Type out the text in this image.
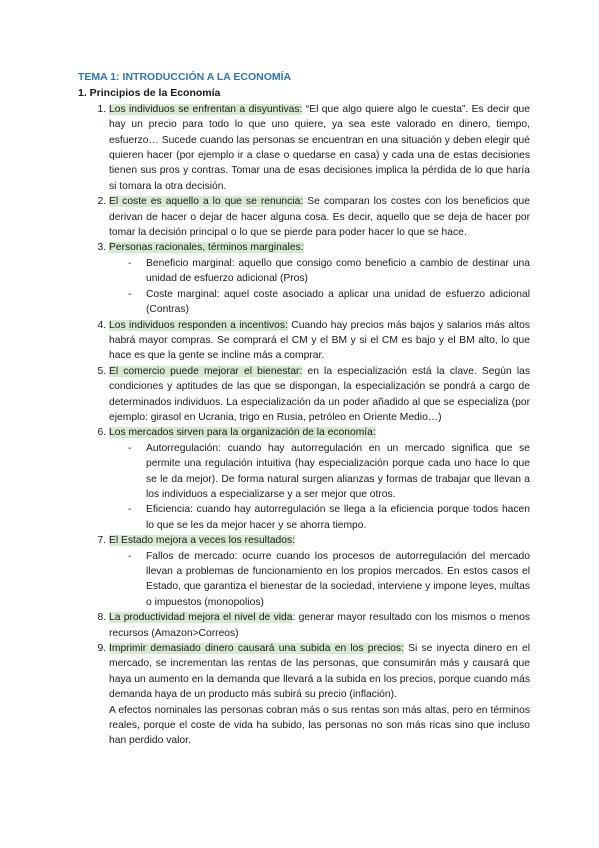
TEMA 1: INTRODUCCIÓN A LA ECONOMÍA
1. Principios de la Economía
1. Los individuos se enfrentan a disyuntivas: “El que algo quiere algo le cuesta”. Es decir que hay un precio para todo lo que uno quiere, ya sea este valorado en dinero, tiempo, esfuerzo… Sucede cuando las personas se encuentran en una situación y deben elegir qué quieren hacer (por ejemplo ir a clase o quedarse en casa) y cada una de estas decisiones tienen sus pros y contras. Tomar una de esas decisiones implica la pérdida de lo que haría si tomara la otra decisión.
2. El coste es aquello a lo que se renuncia: Se comparan los costes con los beneficios que derivan de hacer o dejar de hacer alguna cosa. Es decir, aquello que se deja de hacer por tomar la decisión principal o lo que se pierde para poder hacer lo que se hace.
3. Personas racionales, términos marginales:
- Beneficio marginal: aquello que consigo como beneficio a cambio de destinar una unidad de esfuerzo adicional (Pros)
- Coste marginal: aquel coste asociado a aplicar una unidad de esfuerzo adicional (Contras)
4. Los individuos responden a incentivos: Cuando hay precios más bajos y salarios más altos habrá mayor compras. Se comprará el CM y el BM y si el CM es bajo y el BM alto, lo que hace es que la gente se incline más a comprar.
5. El comercio puede mejorar el bienestar: en la especialización está la clave. Según las condiciones y aptitudes de las que se dispongan, la especialización se pondrá a cargo de determinados individuos. La especialización da un poder añadido al que se especializa (por ejemplo: girasol en Ucrania, trigo en Rusia, petróleo en Oriente Medio…)
6. Los mercados sirven para la organización de la economía:
- Autorregulación: cuando hay autorregulación en un mercado significa que se permite una regulación intuitiva (hay especialización porque cada uno hace lo que se le da mejor). De forma natural surgen alianzas y formas de trabajar que llevan a los individuos a especializarse y a ser mejor que otros.
- Eficiencia: cuando hay autorregulación se llega a la eficiencia porque todos hacen lo que se les da mejor hacer y se ahorra tiempo.
7. El Estado mejora a veces los resultados:
- Fallos de mercado: ocurre cuando los procesos de autorregulación del mercado llevan a problemas de funcionamiento en los propios mercados. En estos casos el Estado, que garantiza el bienestar de la sociedad, interviene y impone leyes, multas o impuestos (monopolios)
8. La productividad mejora el nivel de vida: generar mayor resultado con los mismos o menos recursos (Amazon>Correos)
9. Imprimir demasiado dinero causará una subida en los precios: Si se inyecta dinero en el mercado, se incrementan las rentas de las personas, que consumirán más y causará que haya un aumento en la demanda que llevará a la subida en los precios, porque cuando más demanda haya de un producto más subirá su precio (inflación).
A efectos nominales las personas cobran más o sus rentas son más altas, pero en términos reales, porque el coste de vida ha subido, las personas no son más ricas sino que incluso han perdido valor.
